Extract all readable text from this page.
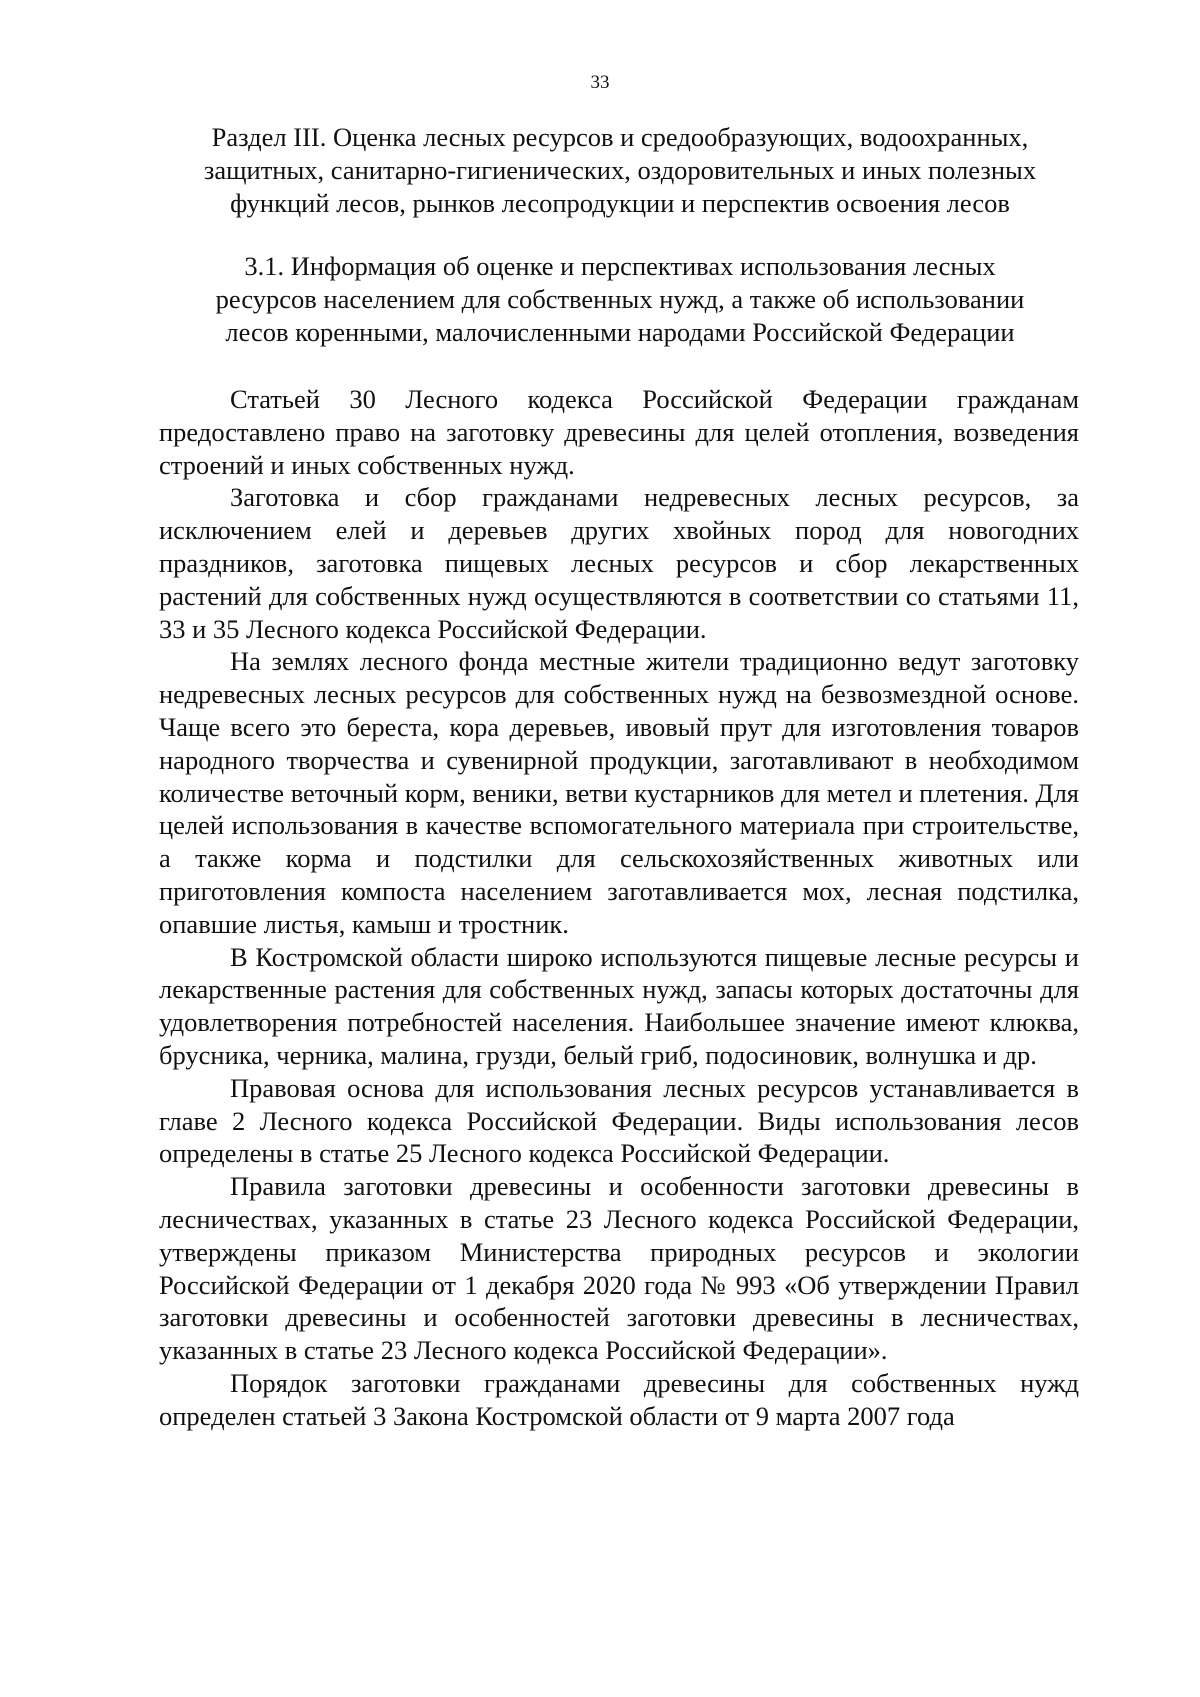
33
Раздел III. Оценка лесных ресурсов и средообразующих, водоохранных,
защитных, санитарно-гигиенических, оздоровительных и иных полезных
функций лесов, рынков лесопродукции и перспектив освоения лесов
3.1. Информация об оценке и перспективах использования лесных
ресурсов населением для собственных нужд, а также об использовании
лесов коренными, малочисленными народами Российской Федерации

Статьей 30 Лесного кодекса Российской Федерации гражданам предоставлено право на заготовку древесины для целей отопления, возведения строений и иных собственных нужд.

Заготовка и сбор гражданами недревесных лесных ресурсов, за исключением елей и деревьев других хвойных пород для новогодних праздников, заготовка пищевых лесных ресурсов и сбор лекарственных растений для собственных нужд осуществляются в соответствии со статьями 11, 33 и 35 Лесного кодекса Российской Федерации.

На землях лесного фонда местные жители традиционно ведут заготовку недревесных лесных ресурсов для собственных нужд на безвозмездной основе. Чаще всего это береста, кора деревьев, ивовый прут для изготовления товаров народного творчества и сувенирной продукции, заготавливают в необходимом количестве веточный корм, веники, ветви кустарников для метел и плетения. Для целей использования в качестве вспомогательного материала при строительстве, а также корма и подстилки для сельскохозяйственных животных или приготовления компоста населением заготавливается мох, лесная подстилка, опавшие листья, камыш и тростник.

В Костромской области широко используются пищевые лесные ресурсы и лекарственные растения для собственных нужд, запасы которых достаточны для удовлетворения потребностей населения. Наибольшее значение имеют клюква, брусника, черника, малина, грузди, белый гриб, подосиновик, волнушка и др.

Правовая основа для использования лесных ресурсов устанавливается в главе 2 Лесного кодекса Российской Федерации. Виды использования лесов определены в статье 25 Лесного кодекса Российской Федерации.

Правила заготовки древесины и особенности заготовки древесины в лесничествах, указанных в статье 23 Лесного кодекса Российской Федерации, утверждены приказом Министерства природных ресурсов и экологии Российской Федерации от 1 декабря 2020 года № 993 «Об утверждении Правил заготовки древесины и особенностей заготовки древесины в лесничествах, указанных в статье 23 Лесного кодекса Российской Федерации».

Порядок заготовки гражданами древесины для собственных нужд определен статьей 3 Закона Костромской области от 9 марта 2007 года
